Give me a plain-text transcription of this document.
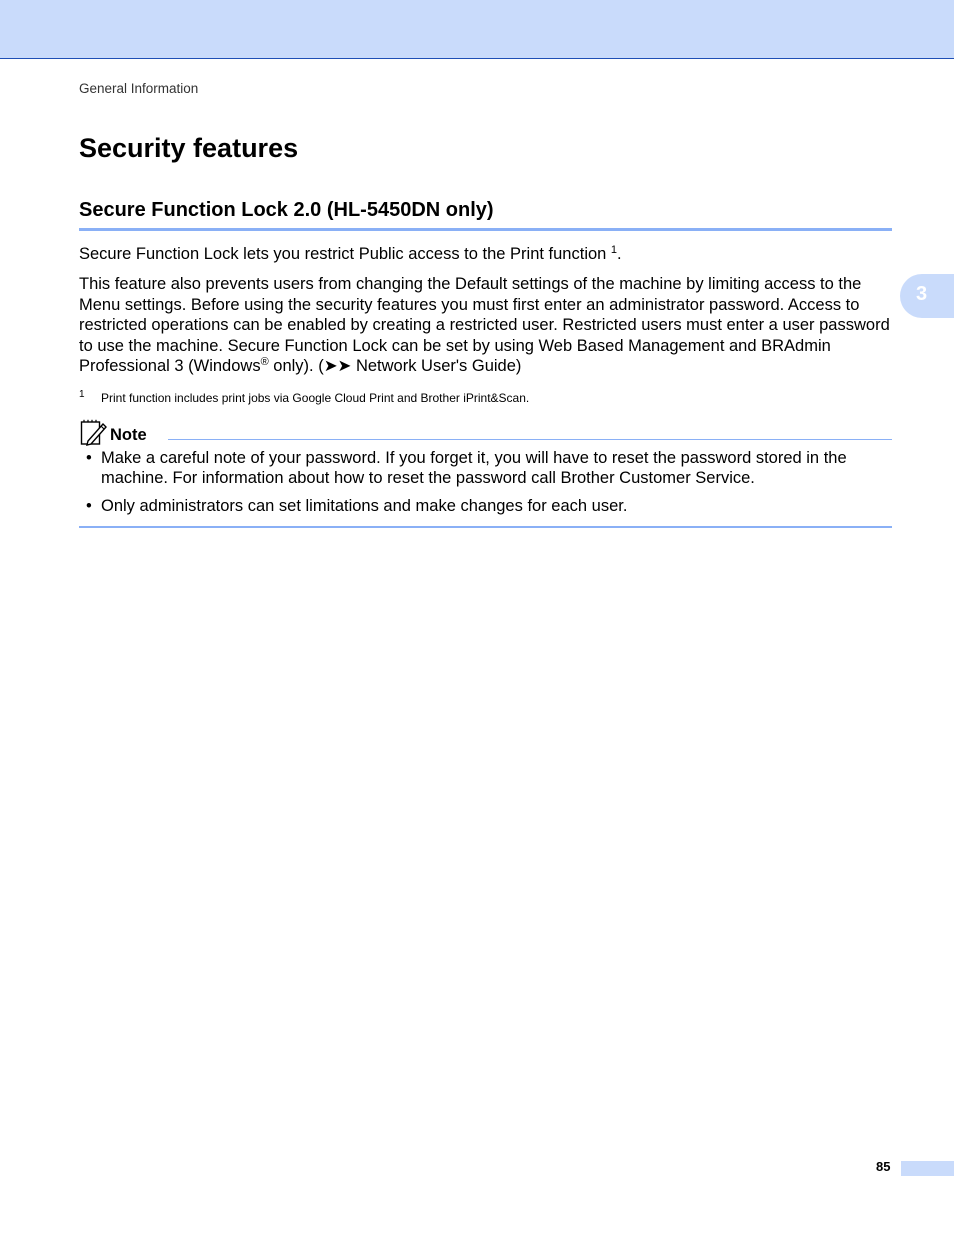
General Information
Security features
Secure Function Lock 2.0 (HL-5450DN only)

Secure Function Lock lets you restrict Public access to the Print function $^1$.

This feature also prevents users from changing the Default settings of the machine by limiting access to the Menu settings. Before using the security features you must first enter an administrator password. Access to restricted operations can be enabled by creating a restricted user. Restricted users must enter a user password to use the machine. Secure Function Lock can be set by using Web Based Management and BRAdmin Professional 3 (Windows® only). (➤➤ Network User's Guide)

1 Print function includes print jobs via Google Cloud Print and Brother iPrint&Scan.
Note
• Make a careful note of your password. If you forget it, you will have to reset the password stored in the machine. For information about how to reset the password call Brother Customer Service.
• Only administrators can set limitations and make changes for each user.
3
85
